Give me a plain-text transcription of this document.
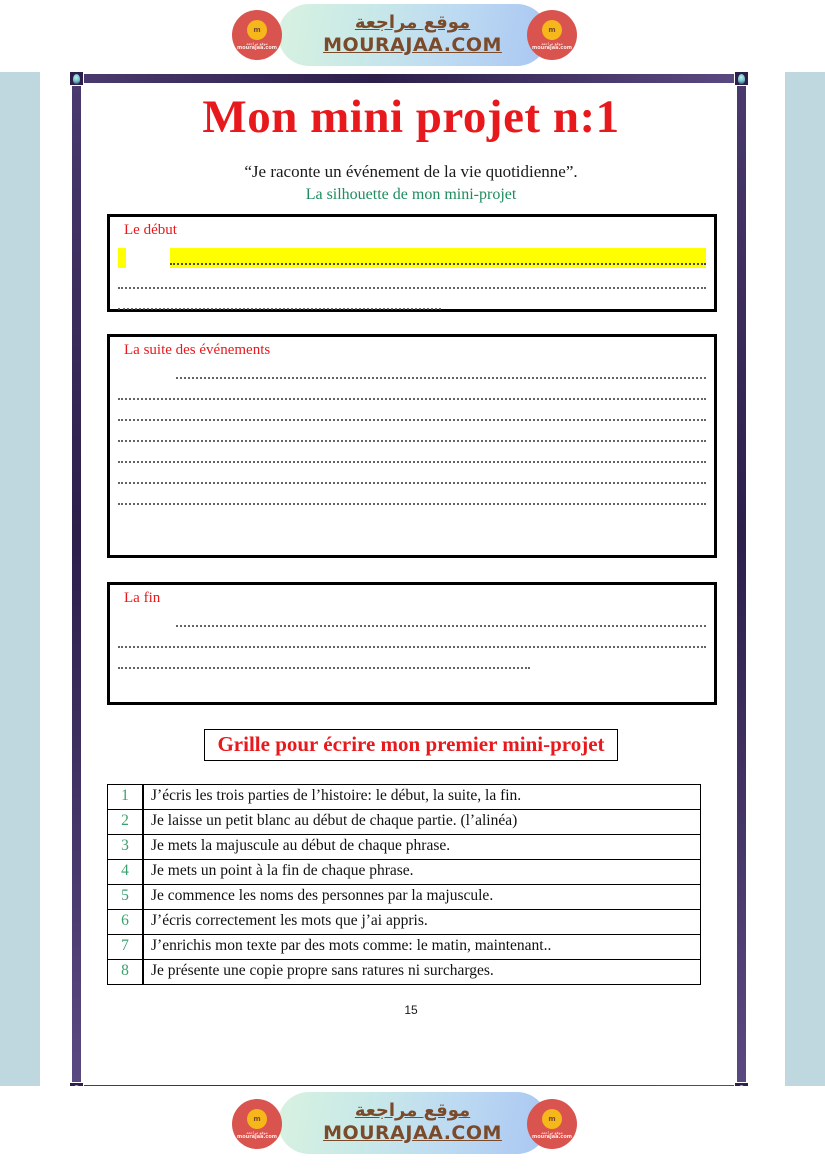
Mon mini projet n:1
“Je raconte un événement de la vie quotidienne”.
La silhouette de mon mini-projet
Le début
La suite des événements
La fin
Grille pour écrire mon premier mini-projet
1	J’écris les trois parties de l’histoire: le début, la suite, la fin.
2	Je laisse un petit blanc au début de chaque partie. (l’alinéa)
3	Je mets la majuscule au début de chaque phrase.
4	Je mets un point à la fin de chaque phrase.
5	Je commence les noms des personnes par la majuscule.
6	J’écris correctement les mots que j’ai appris.
7	J’enrichis mon texte par des mots comme: le matin, maintenant..
8	Je présente une copie propre sans ratures ni surcharges.
15
موقع مراجعة
MOURAJAA.COM
m
موقع مراجعة
mourajaa.com
m
موقع مراجعة
mourajaa.com
موقع مراجعة
MOURAJAA.COM
m
موقع مراجعة
mourajaa.com
m
موقع مراجعة
mourajaa.com
